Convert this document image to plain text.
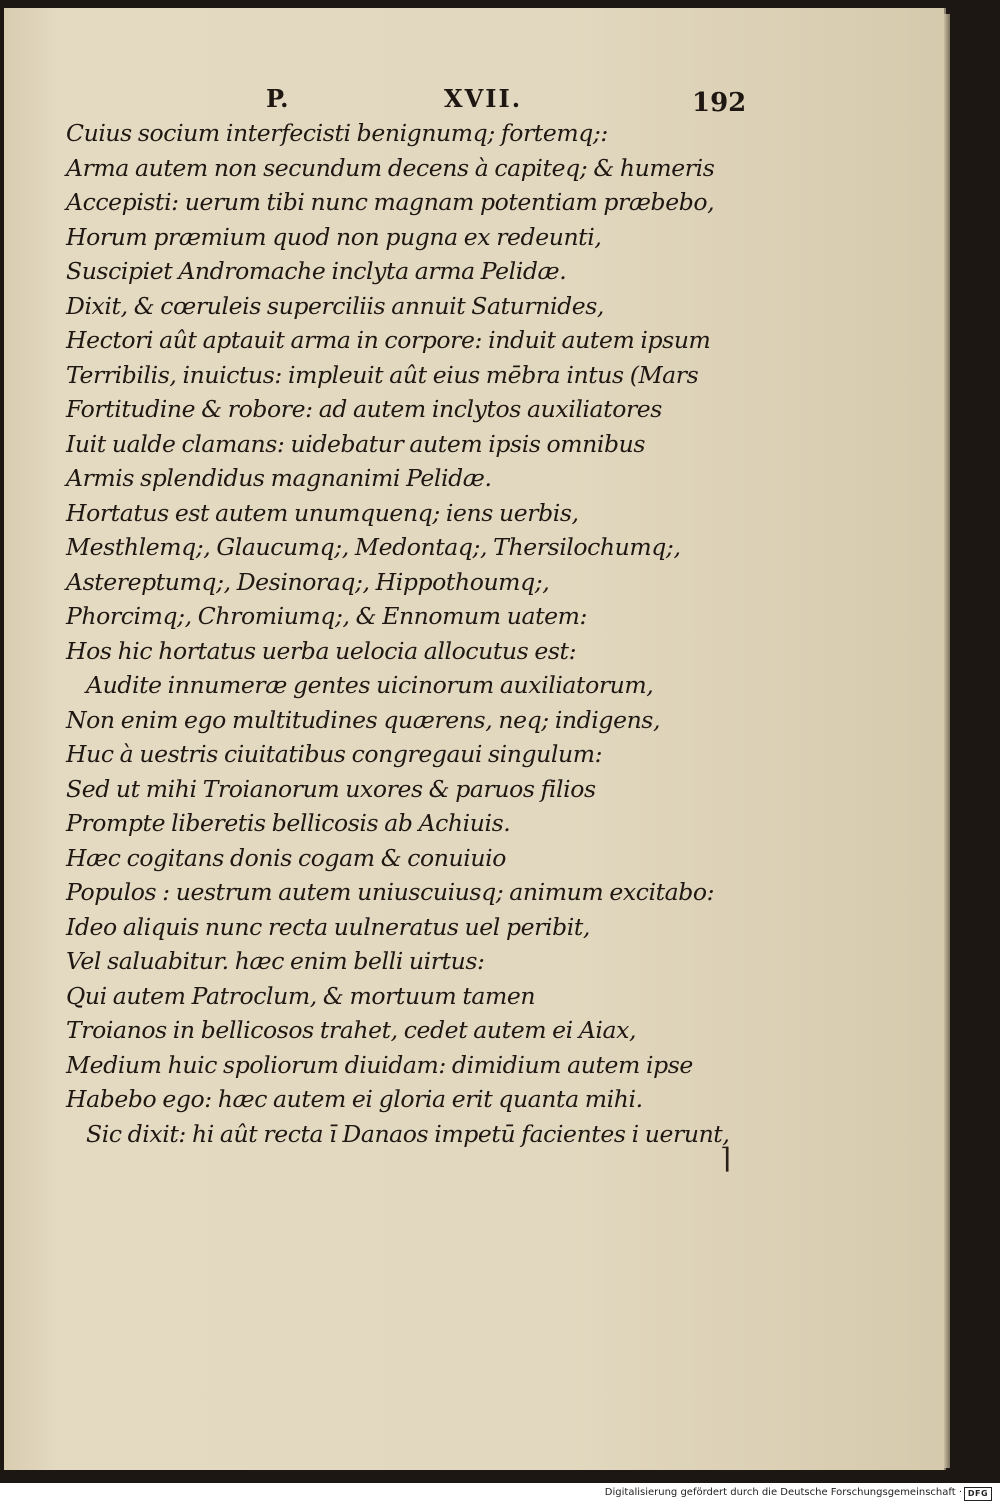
P.	XVII.	192
Cuius socium interfecisti benignumq; fortemq;:
Arma autem non secundum decens à capiteq; & humeris
Accepisti: uerum tibi nunc magnam potentiam præbebo,
Horum præmium quod non pugna ex redeunti,
Suscipiet Andromache inclyta arma Pelidæ.
Dixit, & cœruleis superciliis annuit Saturnides,
Hectori aût aptauit arma in corpore: induit autem ipsum
Terribilis, inuictus: impleuit aût eius mēbra intus (Mars
Fortitudine & robore: ad autem inclytos auxiliatores
Iuit ualde clamans: uidebatur autem ipsis omnibus
Armis splendidus magnanimi Pelidæ.
Hortatus est autem unumquenq; iens uerbis,
Mesthlemq;, Glaucumq;, Medontaq;, Thersilochumq;,
Astereptumq;, Desinoraq;, Hippothoumq;,
Phorcimq;, Chromiumq;, & Ennomum uatem:
Hos hic hortatus uerba uelocia allocutus est:
Audite innumeræ gentes uicinorum auxiliatorum,
Non enim ego multitudines quærens, neq; indigens,
Huc à uestris ciuitatibus congregaui singulum:
Sed ut mihi Troianorum uxores & paruos filios
Prompte liberetis bellicosis ab Achiuis.
Hæc cogitans donis cogam & conuiuio
Populos : uestrum autem uniuscuiusq; animum excitabo:
Ideo aliquis nunc recta uulneratus uel peribit,
Vel saluabitur. hæc enim belli uirtus:
Qui autem Patroclum, & mortuum tamen
Troianos in bellicosos trahet, cedet autem ei Aiax,
Medium huic spoliorum diuidam: dimidium autem ipse
Habebo ego: hæc autem ei gloria erit quanta mihi.
Sic dixit: hi aût recta ī Danaos impetū facientes i uerunt,
⌉
Digitalisierung gefördert durch die Deutsche Forschungsgemeinschaft · DFG
